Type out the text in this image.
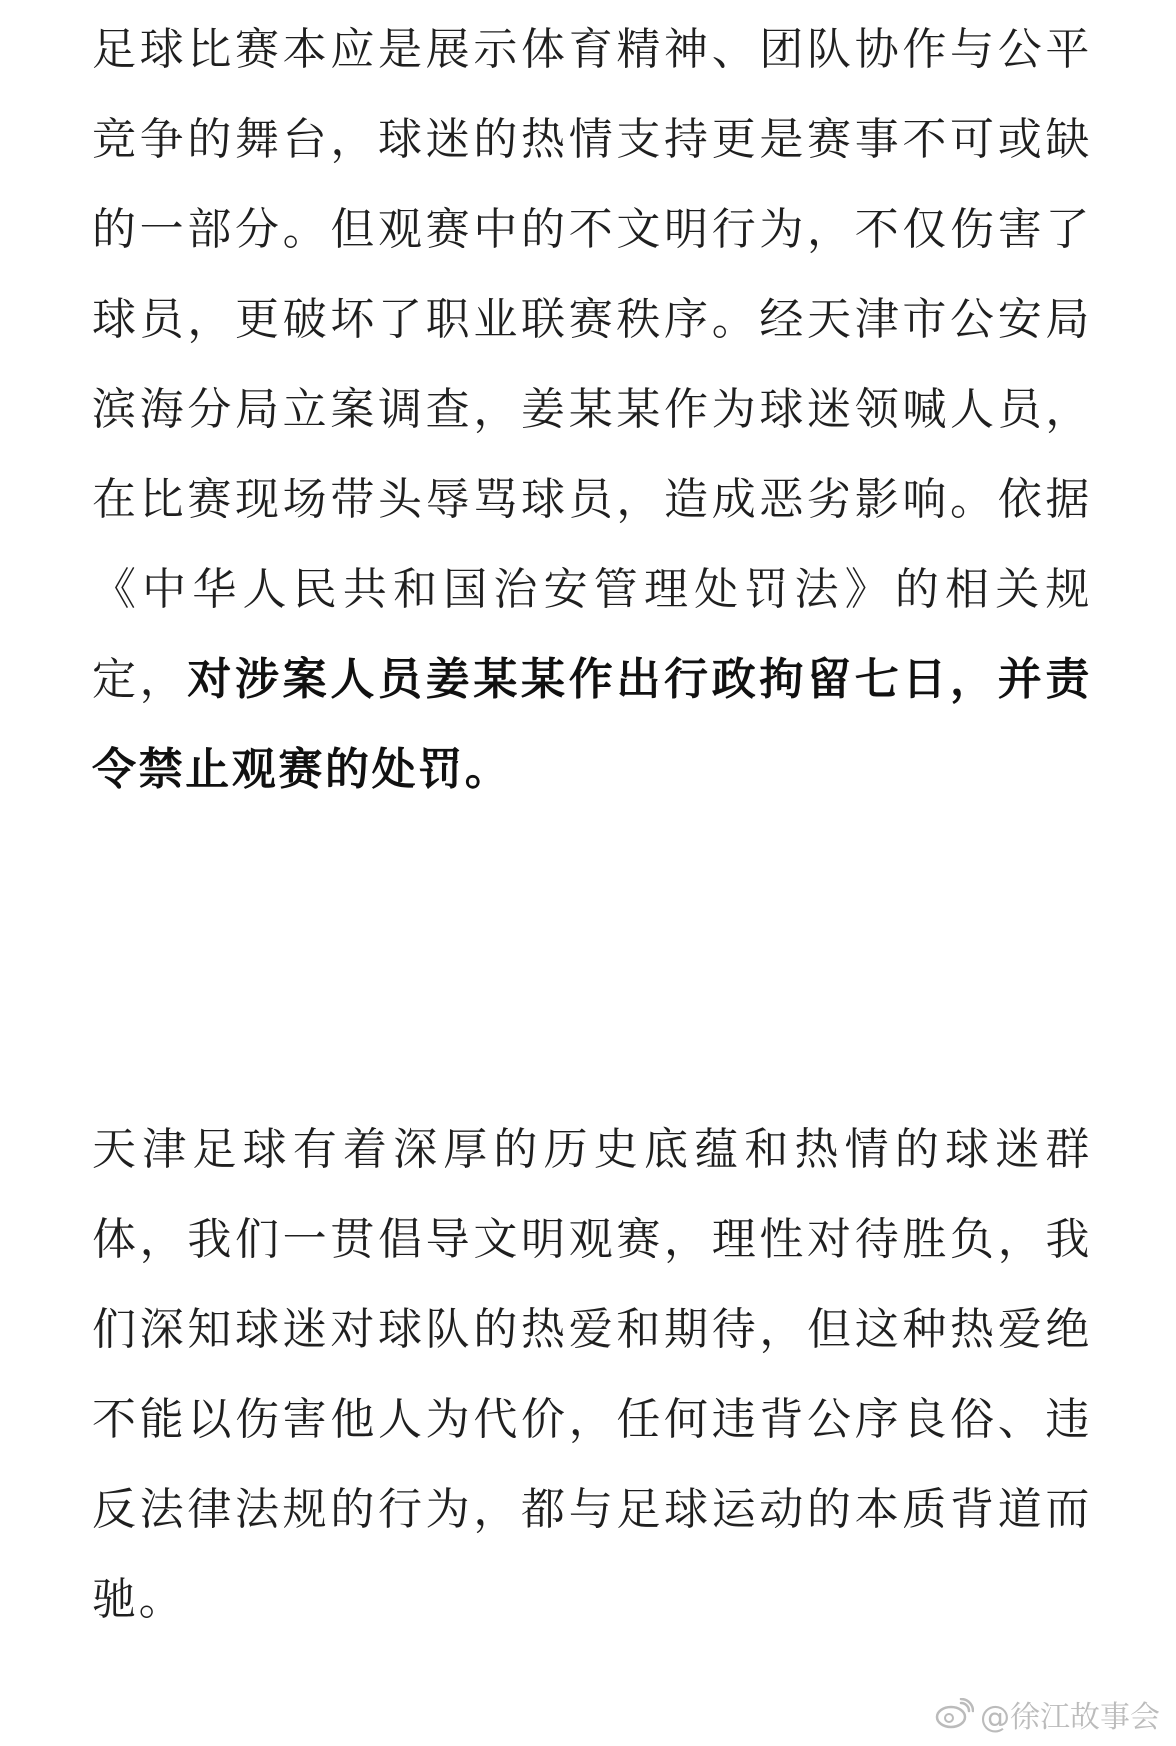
足球比赛本应是展示体育精神、团队协作与公平竞争的舞台，球迷的热情支持更是赛事不可或缺的一部分。但观赛中的不文明行为，不仅伤害了球员，更破坏了职业联赛秩序。经天津市公安局滨海分局立案调查，姜某某作为球迷领喊人员，在比赛现场带头辱骂球员，造成恶劣影响。依据《中华人民共和国治安管理处罚法》的相关规定，对涉案人员姜某某作出行政拘留七日，并责令禁止观赛的处罚。

天津足球有着深厚的历史底蕴和热情的球迷群体，我们一贯倡导文明观赛，理性对待胜负，我们深知球迷对球队的热爱和期待，但这种热爱绝不能以伤害他人为代价，任何违背公序良俗、违反法律法规的行为，都与足球运动的本质背道而驰。

@徐江故事会
